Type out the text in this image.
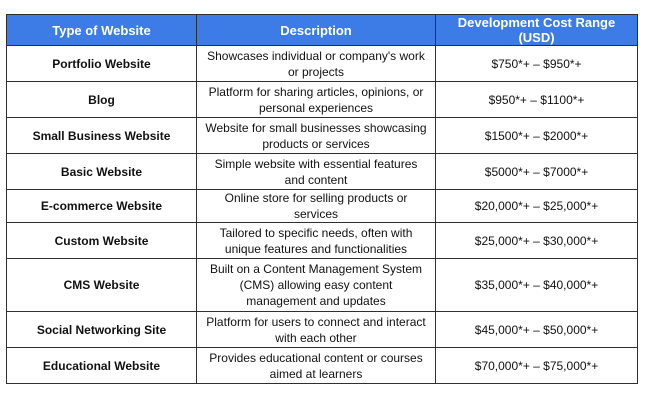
Type of Website	Description	Development Cost Range (USD)
Portfolio Website	Showcases individual or company's work or projects	$750*+ – $950*+
Blog	Platform for sharing articles, opinions, or personal experiences	$950*+ – $1100*+
Small Business Website	Website for small businesses showcasing products or services	$1500*+ – $2000*+
Basic Website	Simple website with essential features and content	$5000*+ – $7000*+
E-commerce Website	Online store for selling products or services	$20,000*+ – $25,000*+
Custom Website	Tailored to specific needs, often with unique features and functionalities	$25,000*+ – $30,000*+
CMS Website	Built on a Content Management System (CMS) allowing easy content management and updates	$35,000*+ – $40,000*+
Social Networking Site	Platform for users to connect and interact with each other	$45,000*+ – $50,000*+
Educational Website	Provides educational content or courses aimed at learners	$70,000*+ – $75,000*+
